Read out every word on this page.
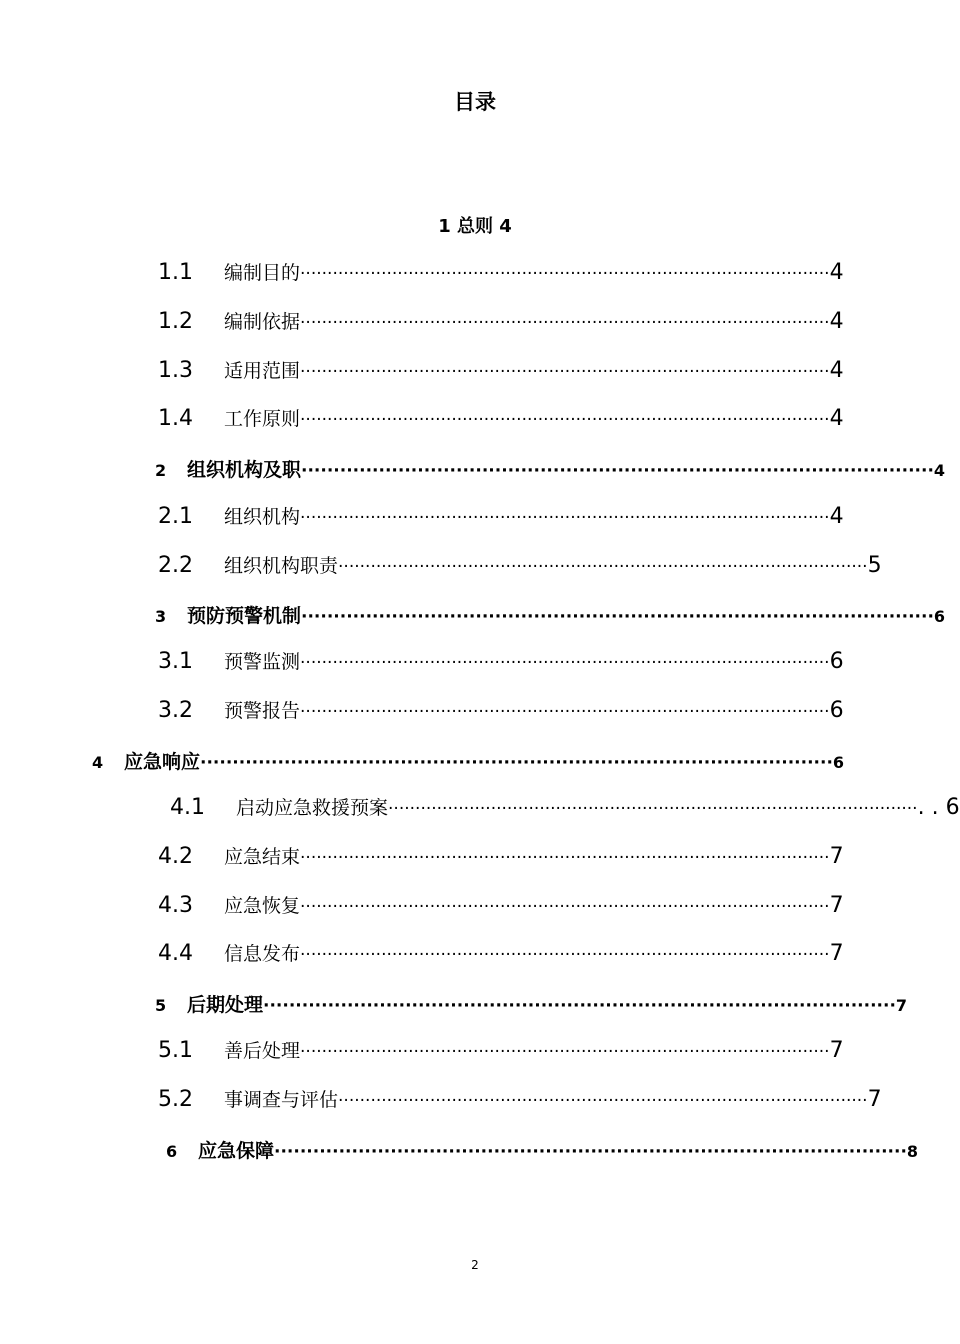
目录
1 总则 4
1.1	编制目的 ·································································································· 4
1.2	编制依据 ·································································································· 4
1.3	适用范围 ·································································································· 4
1.4	工作原则 ·································································································· 4
2	组织机构及职 ·································································································· 4
2.1	组织机构 ·································································································· 4
2.2	组织机构职责 ·································································································· 5
3	预防预警机制 ·································································································· 6
3.1	预警监测 ·································································································· 6
3.2	预警报告 ·································································································· 6
4	应急响应 ·································································································· 6
4.1	启动应急救援预案 ·································································································· . . 6
4.2	应急结束 ·································································································· 7
4.3	应急恢复 ·································································································· 7
4.4	信息发布 ·································································································· 7
5	后期处理 ·································································································· 7
5.1	善后处理 ·································································································· 7
5.2	事调查与评估 ·································································································· 7
6	应急保障 ·································································································· 8
2
